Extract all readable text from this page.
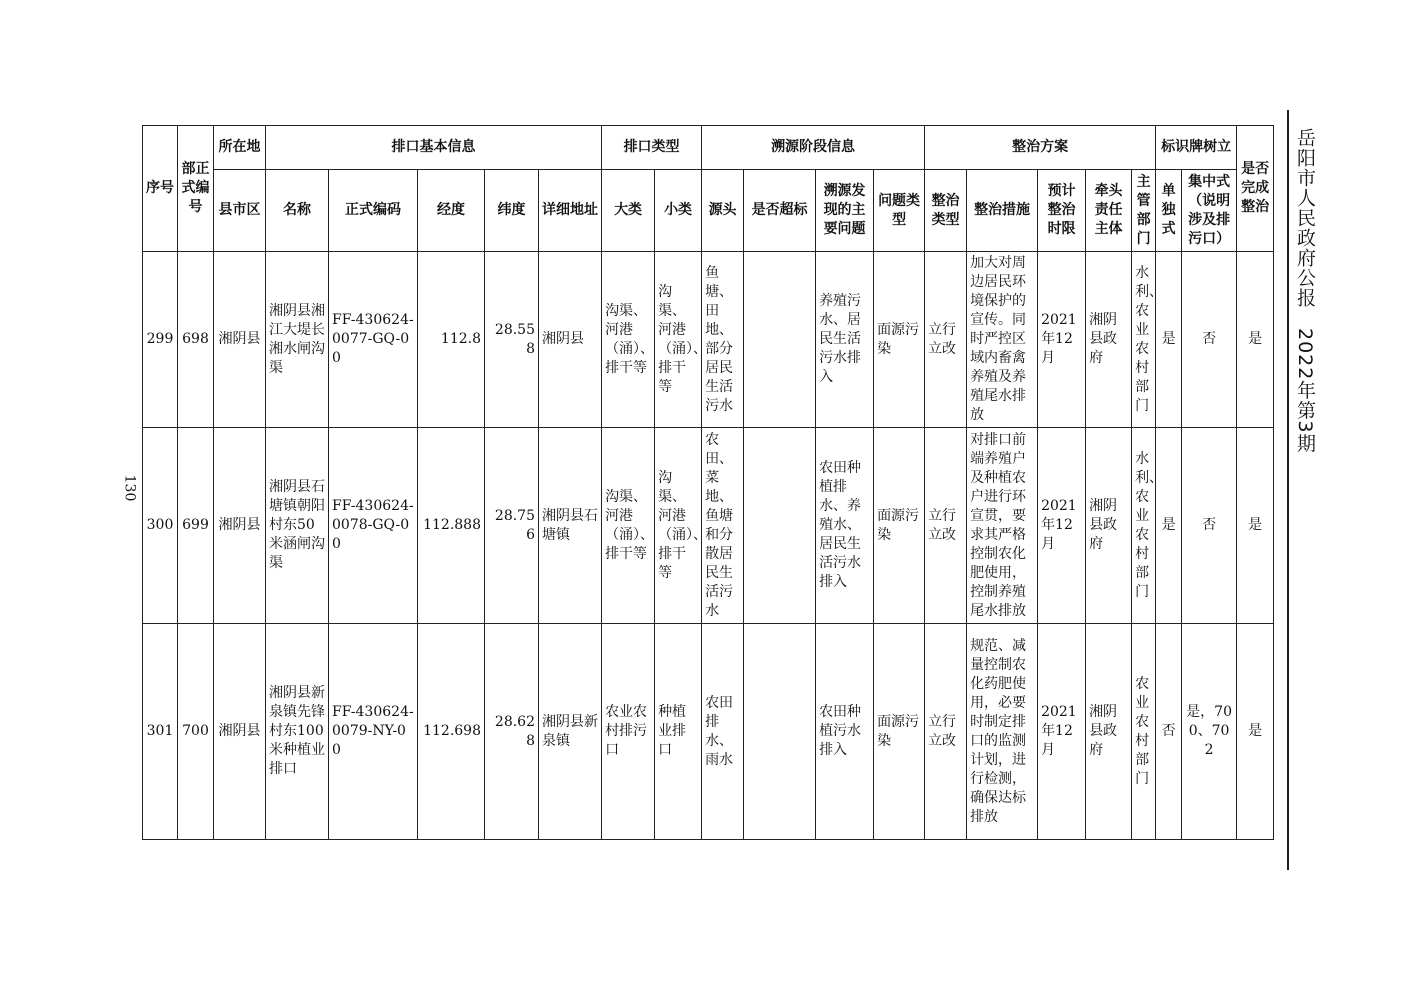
130
岳阳市人民政府公报　2022年第3期
序号	部正式编号	所在地	排口基本信息					排口类型		溯源阶段信息				整治方案					标识牌树立		是否完成整治
		县市区	名称	正式编码	经度	纬度	详细地址	大类	小类	源头	是否超标	溯源发现的主要问题	问题类型	整治类型	整治措施	预计整治时限	牵头责任主体	主管部门	单独式	集中式（说明涉及排污口）	
299	698	湘阴县	湘阴县湘江大堤长湘水闸沟渠	FF-430624-0077-GQ-00	112.8	28.558	湘阴县	沟渠、河港（涌）、排干等	沟渠、河港（涌）、排干等	鱼塘、田地、部分居民生活污水		养殖污水、居民生活污水排入	面源污染	立行立改	加大对周边居民环境保护的宣传。同时严控区域内畜禽养殖及养殖尾水排放	2021年12月	湘阴县政府	水利、农业农村部门	是	否	是
300	699	湘阴县	湘阴县石塘镇朝阳村东50米涵闸沟渠	FF-430624-0078-GQ-00	112.888	28.756	湘阴县石塘镇	沟渠、河港（涌）、排干等	沟渠、河港（涌）、排干等	农田、菜地、鱼塘和分散居民生活污水		农田种植排水、养殖水、居民生活污水排入	面源污染	立行立改	对排口前端养殖户及种植农户进行环宣贯，要求其严格控制农化肥使用，控制养殖尾水排放	2021年12月	湘阴县政府	水利、农业农村部门	是	否	是
301	700	湘阴县	湘阴县新泉镇先锋村东100米种植业排口	FF-430624-0079-NY-00	112.698	28.628	湘阴县新泉镇	农业农村排污口	种植业排口	农田排水、雨水		农田种植污水排入	面源污染	立行立改	规范、减量控制农化药肥使用，必要时制定排口的监测计划，进行检测，确保达标排放	2021年12月	湘阴县政府	农业农村部门	否	是，700、702	是
